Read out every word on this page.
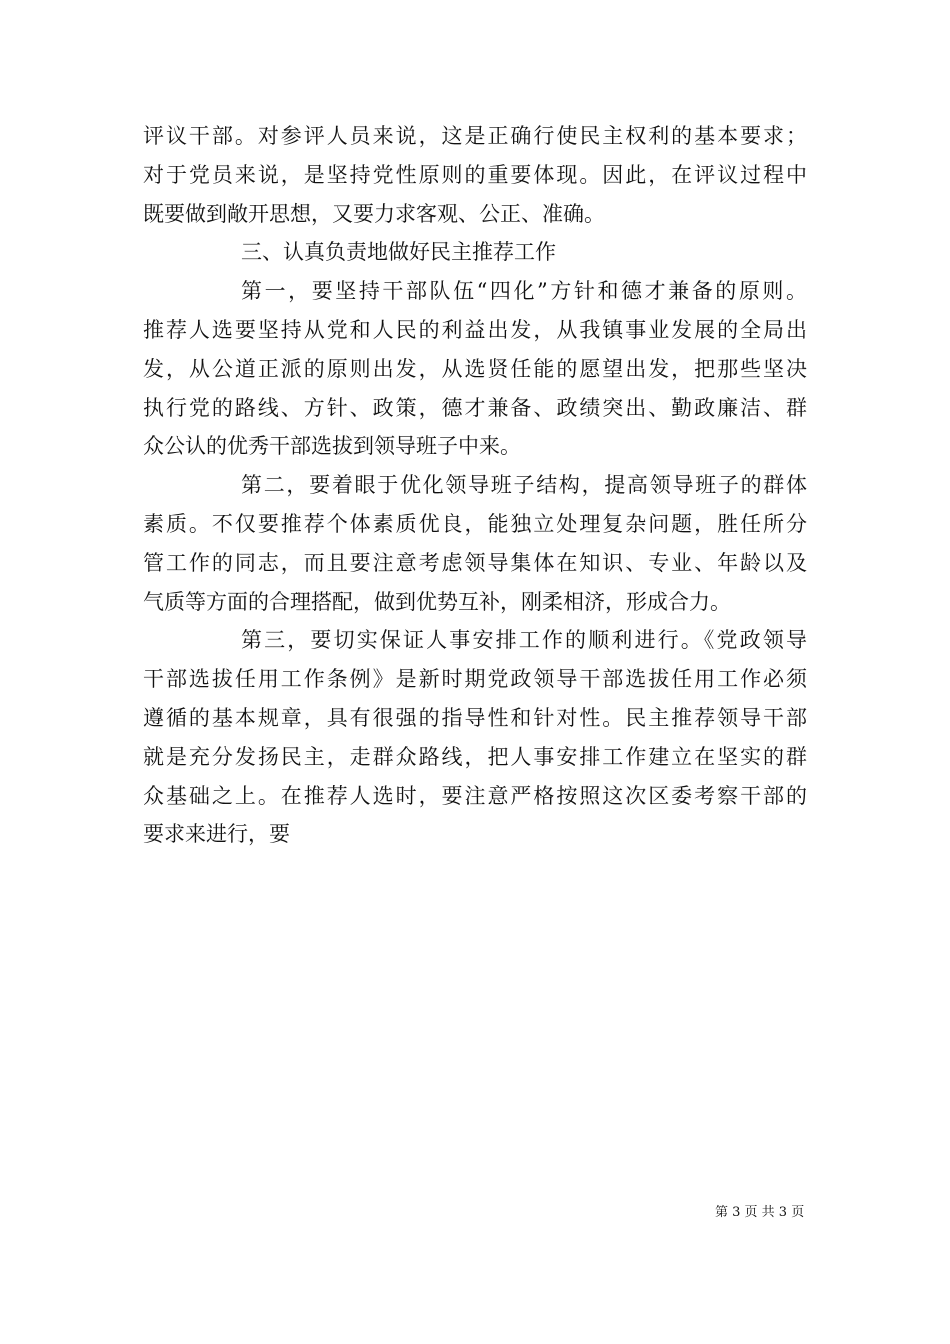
评议干部。对参评人员来说，这是正确行使民主权利的基本要求；
对于党员来说，是坚持党性原则的重要体现。因此，在评议过程中
既要做到敞开思想，又要力求客观、公正、准确。
三、认真负责地做好民主推荐工作
第一，要坚持干部队伍“四化”方针和德才兼备的原则。
推荐人选要坚持从党和人民的利益出发，从我镇事业发展的全局出
发，从公道正派的原则出发，从选贤任能的愿望出发，把那些坚决
执行党的路线、方针、政策，德才兼备、政绩突出、勤政廉洁、群
众公认的优秀干部选拔到领导班子中来。
第二，要着眼于优化领导班子结构，提高领导班子的群体
素质。不仅要推荐个体素质优良，能独立处理复杂问题，胜任所分
管工作的同志，而且要注意考虑领导集体在知识、专业、年龄以及
气质等方面的合理搭配，做到优势互补，刚柔相济，形成合力。
第三，要切实保证人事安排工作的顺利进行。《党政领导
干部选拔任用工作条例》是新时期党政领导干部选拔任用工作必须
遵循的基本规章，具有很强的指导性和针对性。民主推荐领导干部
就是充分发扬民主，走群众路线，把人事安排工作建立在坚实的群
众基础之上。在推荐人选时，要注意严格按照这次区委考察干部的
要求来进行，要
第 3 页 共 3 页
